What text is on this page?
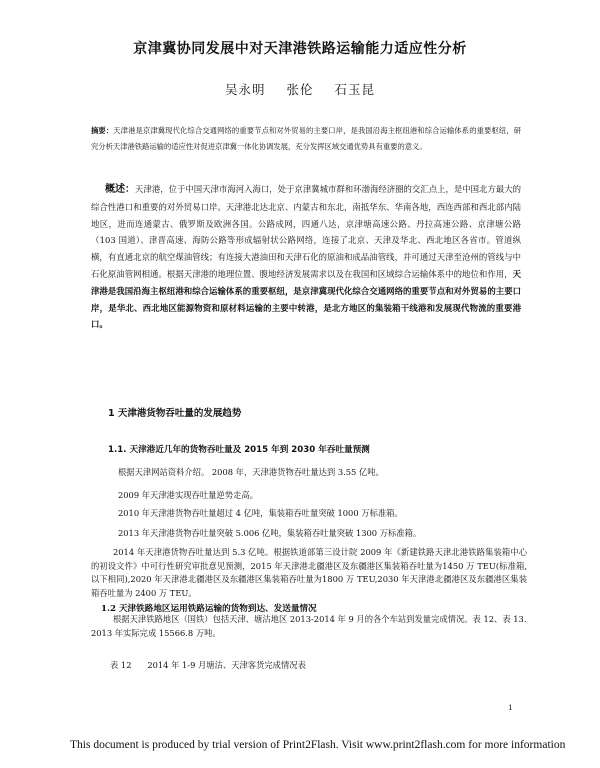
京津冀协同发展中对天津港铁路运输能力适应性分析
吴永明 张伦 石玉昆
摘要：天津港是京津冀现代化综合交通网络的重要节点和对外贸易的主要口岸，是我国沿海主枢纽港和综合运输体系的重要枢纽，研究分析天津港铁路运输的适应性对促进京津冀一体化协调发展，充分发挥区域交通优势具有重要的意义。
概述：天津港，位于中国天津市海河入海口，处于京津冀城市群和环渤海经济圈的交汇点上，是中国北方最大的综合性港口和重要的对外贸易口岸。天津港北达北京、内蒙古和东北，南抵华东、华南各地，西连西部和西北部内陆地区，进而连通蒙古、俄罗斯及欧洲各国。公路成网，四通八达，京津塘高速公路、丹拉高速公路、京津塘公路（103 国道）、津晋高速、海防公路等形成辐射状公路网络，连接了北京、天津及华北、西北地区各省市。管道纵横，有直通北京的航空煤油管线；有连接大港油田和天津石化的原油和成品油管线，并可通过天津至沧州的管线与中石化原油管网相通。根据天津港的地理位置、腹地经济发展需求以及在我国和区域综合运输体系中的地位和作用，天津港是我国沿海主枢纽港和综合运输体系的重要枢纽，是京津冀现代化综合交通网络的重要节点和对外贸易的主要口岸，是华北、西北地区能源物资和原材料运输的主要中转港，是北方地区的集装箱干线港和发展现代物流的重要港口。
1 天津港货物吞吐量的发展趋势
1.1. 天津港近几年的货物吞吐量及 2015 年到 2030 年吞吐量预测
根据天津网站资料介绍。 2008 年，天津港货物吞吐量达到 3.55 亿吨。
2009 年天津港实现吞吐量逆势走高。
2010 年天津港货物吞吐量超过 4 亿吨，集装箱吞吐量突破 1000 万标准箱。
2013 年天津港货物吞吐量突破 5.006 亿吨，集装箱吞吐量突破 1300 万标准箱。
2014 年天津港货物吞吐量达到 5.3 亿吨。根据铁道部第三设计院 2009 年《新建铁路天津北港铁路集装箱中心的初设文件》中可行性研究审批意见预测，2015 年天津港北疆港区及东疆港区集装箱吞吐量为1450 万 TEU(标准箱,以下相同),2020 年天津港北疆港区及东疆港区集装箱吞吐量为1800 万 TEU,2030 年天津港北疆港区及东疆港区集装箱吞吐量为 2400 万 TEU。
1.2 天津铁路地区运用铁路运输的货物到达、发送量情况
根据天津铁路地区（国铁）包括天津、塘沽地区 2013-2014 年 9 月的各个车站到发量完成情况。表 12、表 13. 2013 年实际完成 15566.8 万吨。
表 12      2014 年 1-9 月塘沽、天津客货完成情况表
1
This document is produced by trial version of Print2Flash. Visit www.print2flash.com for more information
